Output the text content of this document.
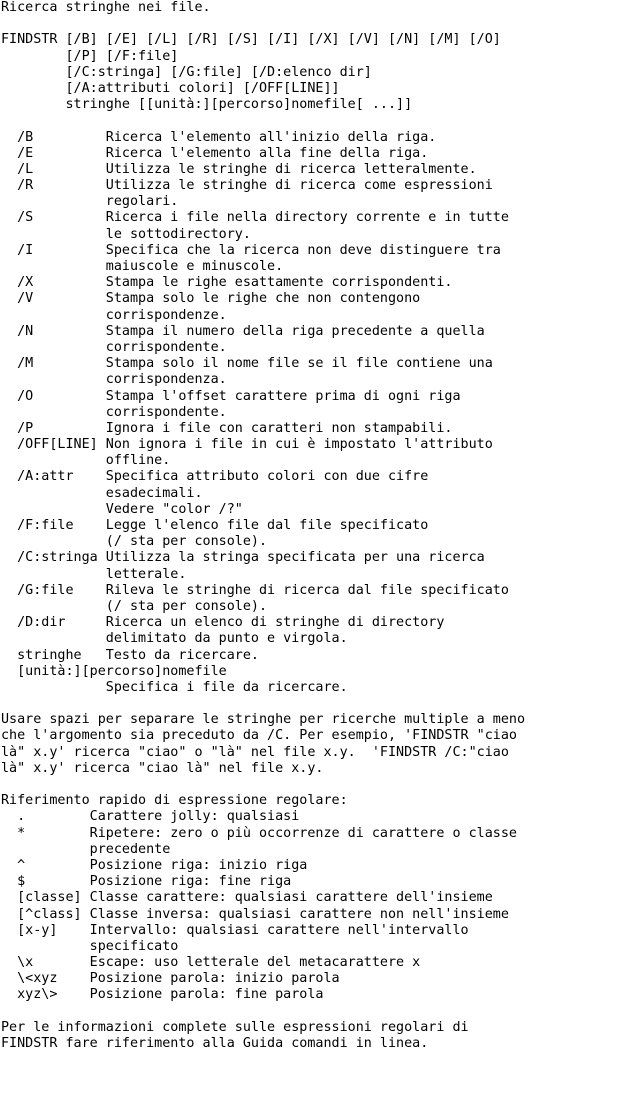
Ricerca stringhe nei file.
FINDSTR [/B] [/E] [/L] [/R] [/S] [/I] [/X] [/V] [/N] [/M] [/O]
[/P] [/F:file]
[/C:stringa] [/G:file] [/D:elenco dir]
[/A:attributi colori] [/OFF[LINE]]
stringhe [[unità:][percorso]nomefile[ ...]]
/B         Ricerca l'elemento all'inizio della riga.
/E         Ricerca l'elemento alla fine della riga.
/L         Utilizza le stringhe di ricerca letteralmente.
/R         Utilizza le stringhe di ricerca come espressioni
regolari.
/S         Ricerca i file nella directory corrente e in tutte
le sottodirectory.
/I         Specifica che la ricerca non deve distinguere tra
maiuscole e minuscole.
/X         Stampa le righe esattamente corrispondenti.
/V         Stampa solo le righe che non contengono
corrispondenze.
/N         Stampa il numero della riga precedente a quella
corrispondente.
/M         Stampa solo il nome file se il file contiene una
corrispondenza.
/O         Stampa l'offset carattere prima di ogni riga
corrispondente.
/P         Ignora i file con caratteri non stampabili.
/OFF[LINE] Non ignora i file in cui è impostato l'attributo
offline.
/A:attr    Specifica attributo colori con due cifre
esadecimali.
Vedere "color /?"
/F:file    Legge l'elenco file dal file specificato
(/ sta per console).
/C:stringa Utilizza la stringa specificata per una ricerca
letterale.
/G:file    Rileva le stringhe di ricerca dal file specificato
(/ sta per console).
/D:dir     Ricerca un elenco di stringhe di directory
delimitato da punto e virgola.
stringhe   Testo da ricercare.
[unità:][percorso]nomefile
Specifica i file da ricercare.
Usare spazi per separare le stringhe per ricerche multiple a meno
che l'argomento sia preceduto da /C. Per esempio, 'FINDSTR "ciao
là" x.y' ricerca "ciao" o "là" nel file x.y.  'FINDSTR /C:"ciao
là" x.y' ricerca "ciao là" nel file x.y.
Riferimento rapido di espressione regolare:
.        Carattere jolly: qualsiasi
*        Ripetere: zero o più occorrenze di carattere o classe
precedente
^        Posizione riga: inizio riga
$        Posizione riga: fine riga
[classe] Classe carattere: qualsiasi carattere dell'insieme
[^class] Classe inversa: qualsiasi carattere non nell'insieme
[x-y]    Intervallo: qualsiasi carattere nell'intervallo
specificato
\x       Escape: uso letterale del metacarattere x
\<xyz    Posizione parola: inizio parola
xyz\>    Posizione parola: fine parola
Per le informazioni complete sulle espressioni regolari di
FINDSTR fare riferimento alla Guida comandi in linea.
